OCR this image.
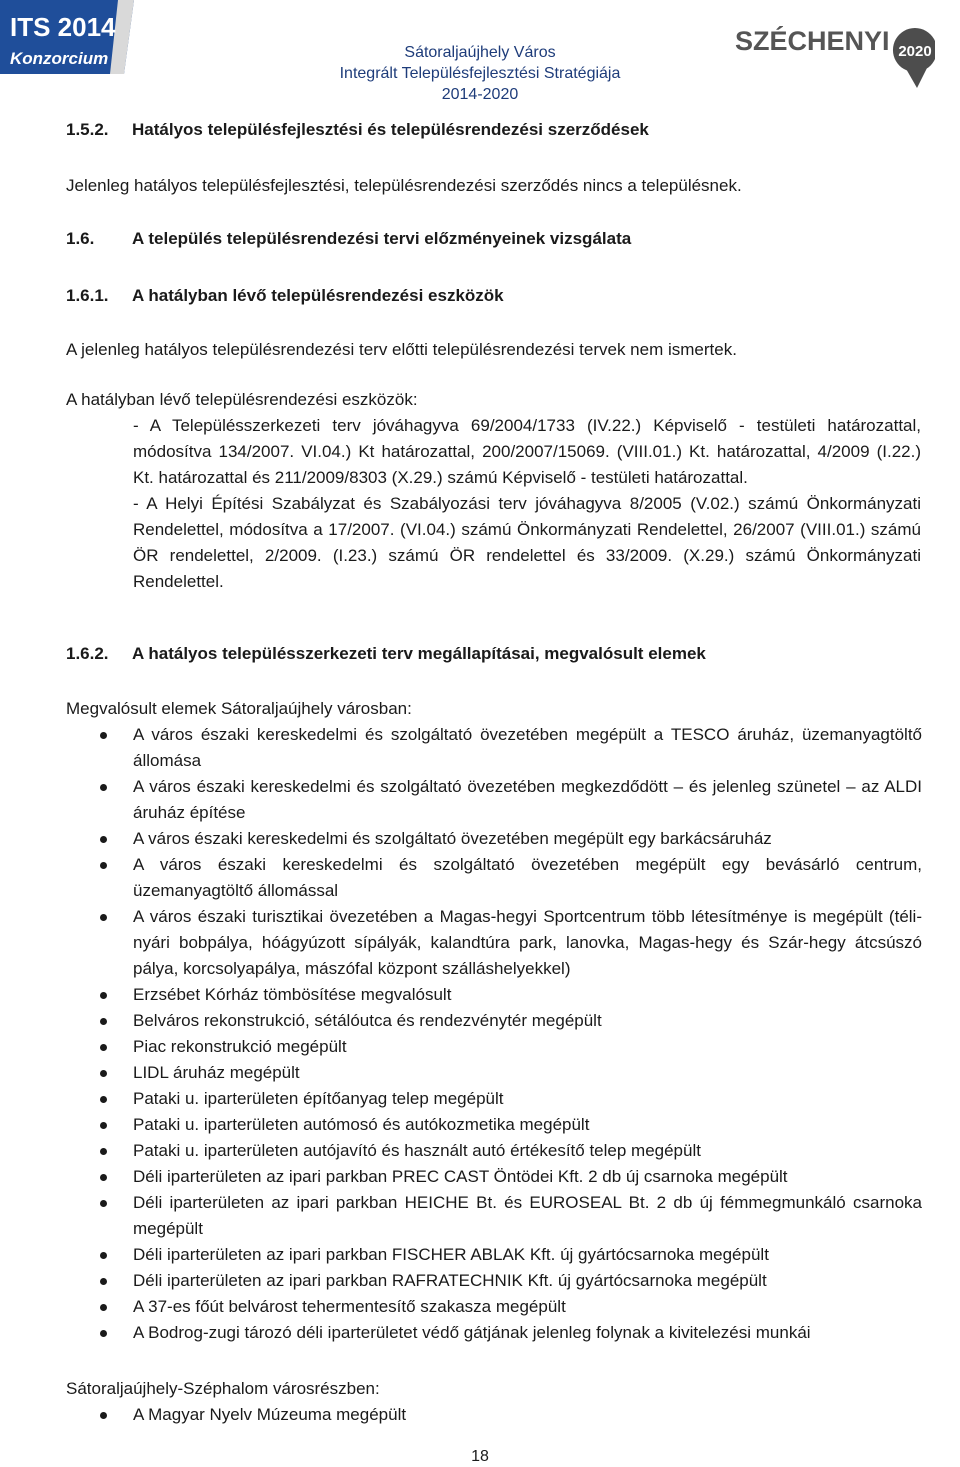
ITS 2014
Konzorcium
SZÉCHENYI 2020
Sátoraljaújhely Város
Integrált Településfejlesztési Stratégiája
2014-2020
1.5.2. Hatályos településfejlesztési és településrendezési szerződések
Jelenleg hatályos településfejlesztési, településrendezési szerződés nincs a településnek.
1.6. A település településrendezési tervi előzményeinek vizsgálata
1.6.1. A hatályban lévő településrendezési eszközök
A jelenleg hatályos településrendezési terv előtti településrendezési tervek nem ismertek.
A hatályban lévő településrendezési eszközök:

- A Településszerkezeti terv jóváhagyva 69/2004/1733 (IV.22.) Képviselő - testületi határozattal, módosítva 134/2007. VI.04.) Kt határozattal, 200/2007/15069. (VIII.01.) Kt. határozattal, 4/2009 (I.22.) Kt. határozattal és 211/2009/8303 (X.29.) számú Képviselő - testületi határozattal.

- A Helyi Építési Szabályzat és Szabályozási terv jóváhagyva 8/2005 (V.02.) számú Önkormányzati Rendelettel, módosítva a 17/2007. (VI.04.) számú Önkormányzati Rendelettel, 26/2007 (VIII.01.) számú ÖR rendelettel, 2/2009. (I.23.) számú ÖR rendelettel és 33/2009. (X.29.) számú Önkormányzati Rendelettel.

1.6.2. A hatályos településszerkezeti terv megállapításai, megvalósult elemek
Megvalósult elemek Sátoraljaújhely városban:
A város északi kereskedelmi és szolgáltató övezetében megépült a TESCO áruház, üzemanyagtöltő állomása
A város északi kereskedelmi és szolgáltató övezetében megkezdődött – és jelenleg szünetel – az ALDI áruház építése
A város északi kereskedelmi és szolgáltató övezetében megépült egy barkácsáruház
A város északi kereskedelmi és szolgáltató övezetében megépült egy bevásárló centrum, üzemanyagtöltő állomással
A város északi turisztikai övezetében a Magas-hegyi Sportcentrum több létesítménye is megépült (téli-nyári bobpálya, hóágyúzott sípályák, kalandtúra park, lanovka, Magas-hegy és Szár-hegy átcsúszó pálya, korcsolyapálya, mászófal központ szálláshelyekkel)
Erzsébet Kórház tömbösítése megvalósult
Belváros rekonstrukció, sétálóutca és rendezvénytér megépült
Piac rekonstrukció megépült
LIDL áruház megépült
Pataki u. iparterületen építőanyag telep megépült
Pataki u. iparterületen autómosó és autókozmetika megépült
Pataki u. iparterületen autójavító és használt autó értékesítő telep megépült
Déli iparterületen az ipari parkban PREC CAST Öntödei Kft. 2 db új csarnoka megépült
Déli iparterületen az ipari parkban HEICHE Bt. és EUROSEAL Bt. 2 db új fémmegmunkáló csarnoka megépült
Déli iparterületen az ipari parkban FISCHER ABLAK Kft. új gyártócsarnoka megépült
Déli iparterületen az ipari parkban RAFRATECHNIK Kft. új gyártócsarnoka megépült
A 37-es főút belvárost tehermentesítő szakasza megépült
A Bodrog-zugi tározó déli iparterületet védő gátjának jelenleg folynak a kivitelezési munkái
Sátoraljaújhely-Széphalom városrészben:
A Magyar Nyelv Múzeuma megépült
18
